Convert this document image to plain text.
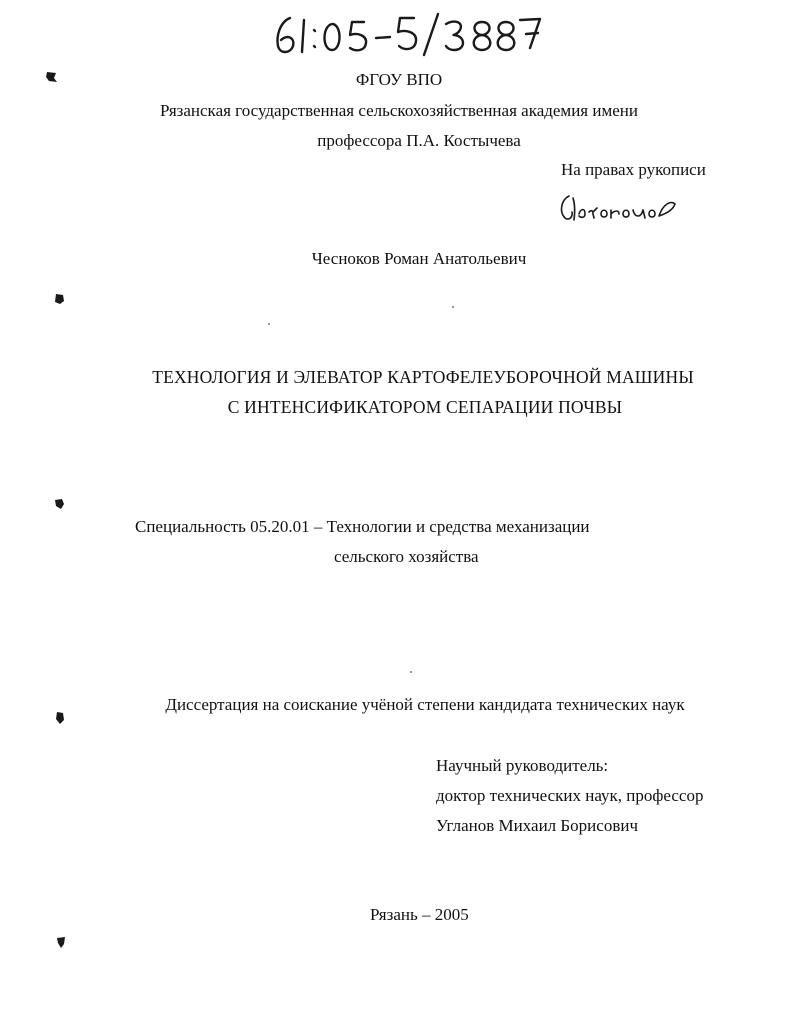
ФГОУ ВПО
Рязанская государственная сельскохозяйственная академия имени
профессора П.А. Костычева
На правах рукописи
Чесноков Роман Анатольевич
ТЕХНОЛОГИЯ И ЭЛЕВАТОР КАРТОФЕЛЕУБОРОЧНОЙ МАШИНЫ
С ИНТЕНСИФИКАТОРОМ СЕПАРАЦИИ ПОЧВЫ
Специальность 05.20.01 – Технологии и средства механизации
сельского хозяйства
Диссертация на соискание учёной степени кандидата технических наук
Научный руководитель:
доктор технических наук, профессор
Угланов Михаил Борисович
Рязань – 2005
